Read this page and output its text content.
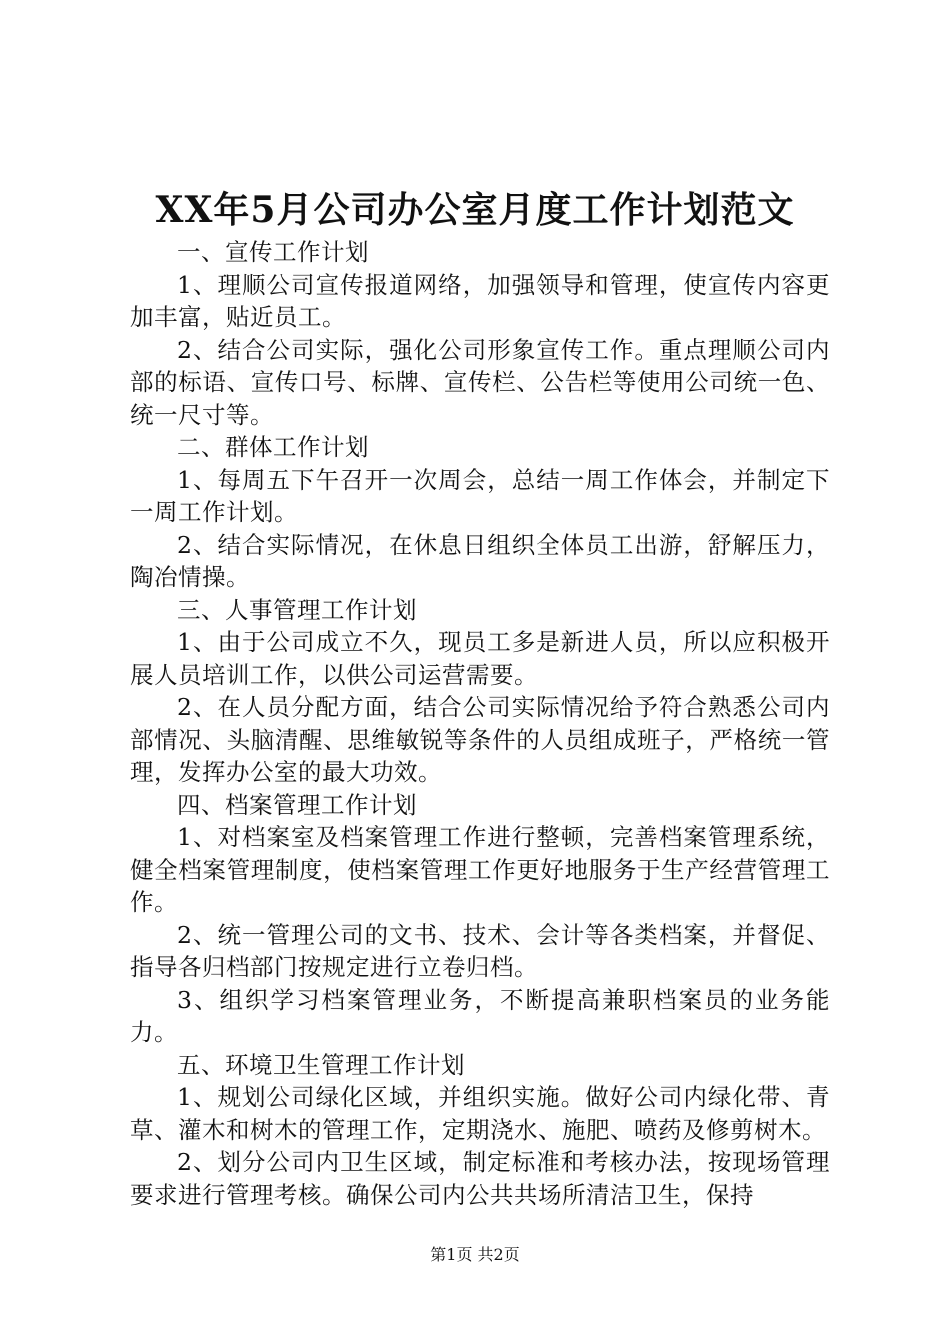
XX年5月公司办公室月度工作计划范文

一、宣传工作计划

1、理顺公司宣传报道网络，加强领导和管理，使宣传内容更加丰富，贴近员工。

2、结合公司实际，强化公司形象宣传工作。重点理顺公司内部的标语、宣传口号、标牌、宣传栏、公告栏等使用公司统一色、统一尺寸等。

二、群体工作计划

1、每周五下午召开一次周会，总结一周工作体会，并制定下一周工作计划。

2、结合实际情况，在休息日组织全体员工出游，舒解压力，陶冶情操。

三、人事管理工作计划

1、由于公司成立不久，现员工多是新进人员，所以应积极开展人员培训工作，以供公司运营需要。

2、在人员分配方面，结合公司实际情况给予符合熟悉公司内部情况、头脑清醒、思维敏锐等条件的人员组成班子，严格统一管理，发挥办公室的最大功效。

四、档案管理工作计划

1、对档案室及档案管理工作进行整顿，完善档案管理系统，健全档案管理制度，使档案管理工作更好地服务于生产经营管理工作。

2、统一管理公司的文书、技术、会计等各类档案，并督促、指导各归档部门按规定进行立卷归档。

3、组织学习档案管理业务，不断提高兼职档案员的业务能力。

五、环境卫生管理工作计划

1、规划公司绿化区域，并组织实施。做好公司内绿化带、青草、灌木和树木的管理工作，定期浇水、施肥、喷药及修剪树木。

2、划分公司内卫生区域，制定标准和考核办法，按现场管理要求进行管理考核。确保公司内公共共场所清洁卫生，保持

第1页 共2页
